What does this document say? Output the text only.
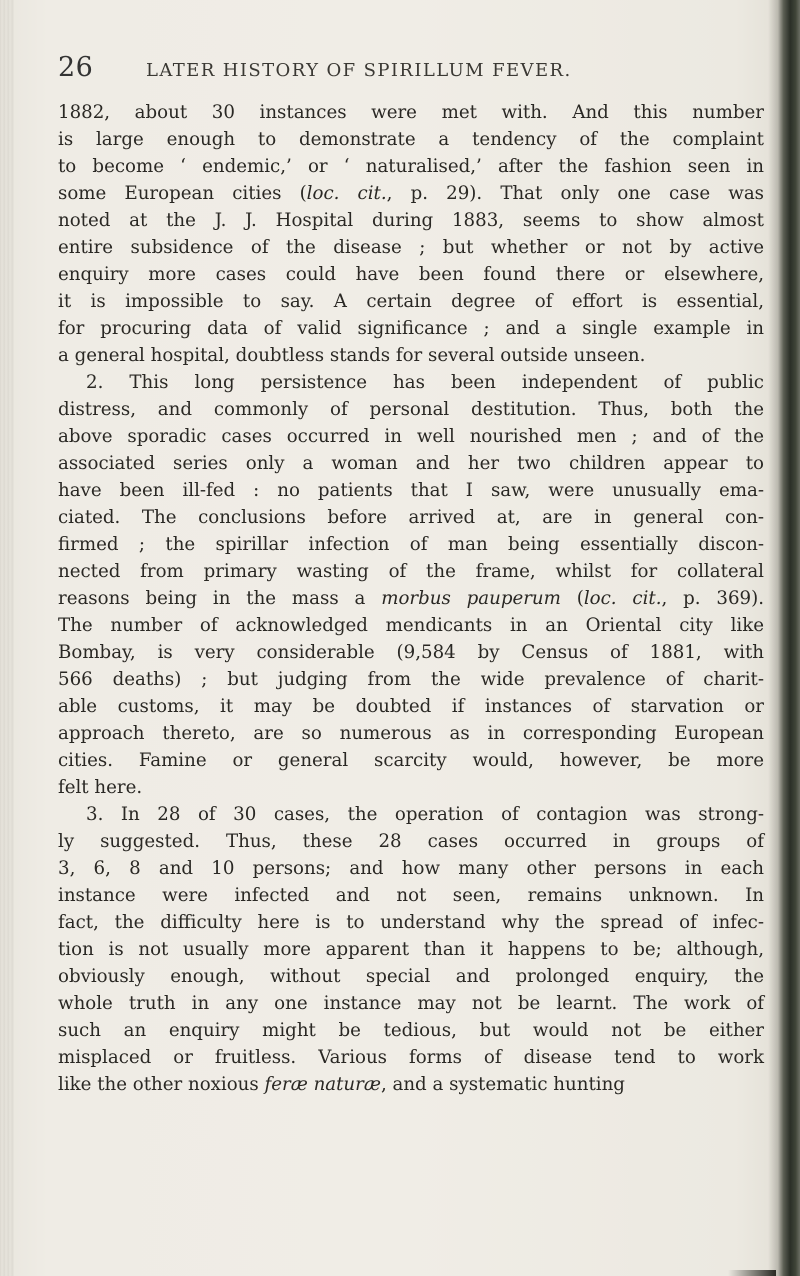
26	LATER HISTORY OF SPIRILLUM FEVER.
1882, about 30 instances were met with. And this number
is large enough to demonstrate a tendency of the complaint
to become ‘ endemic,’ or ‘ naturalised,’ after the fashion seen in
some European cities (loc. cit., p. 29). That only one case was
noted at the J. J. Hospital during 1883, seems to show almost
entire subsidence of the disease ; but whether or not by active
enquiry more cases could have been found there or elsewhere,
it is impossible to say. A certain degree of effort is essential,
for procuring data of valid significance ; and a single example in
a general hospital, doubtless stands for several outside unseen.
2. This long persistence has been independent of public
distress, and commonly of personal destitution. Thus, both the
above sporadic cases occurred in well nourished men ; and of the
associated series only a woman and her two children appear to
have been ill-fed : no patients that I saw, were unusually ema-
ciated. The conclusions before arrived at, are in general con-
firmed ; the spirillar infection of man being essentially discon-
nected from primary wasting of the frame, whilst for collateral
reasons being in the mass a morbus pauperum (loc. cit., p. 369).
The number of acknowledged mendicants in an Oriental city like
Bombay, is very considerable (9,584 by Census of 1881, with
566 deaths) ; but judging from the wide prevalence of charit-
able customs, it may be doubted if instances of starvation or
approach thereto, are so numerous as in corresponding European
cities. Famine or general scarcity would, however, be more
felt here.
3. In 28 of 30 cases, the operation of contagion was strong-
ly suggested. Thus, these 28 cases occurred in groups of
3, 6, 8 and 10 persons; and how many other persons in each
instance were infected and not seen, remains unknown. In
fact, the difficulty here is to understand why the spread of infec-
tion is not usually more apparent than it happens to be; although,
obviously enough, without special and prolonged enquiry, the
whole truth in any one instance may not be learnt. The work of
such an enquiry might be tedious, but would not be either
misplaced or fruitless. Various forms of disease tend to work
like the other noxious feræ naturæ, and a systematic hunting
